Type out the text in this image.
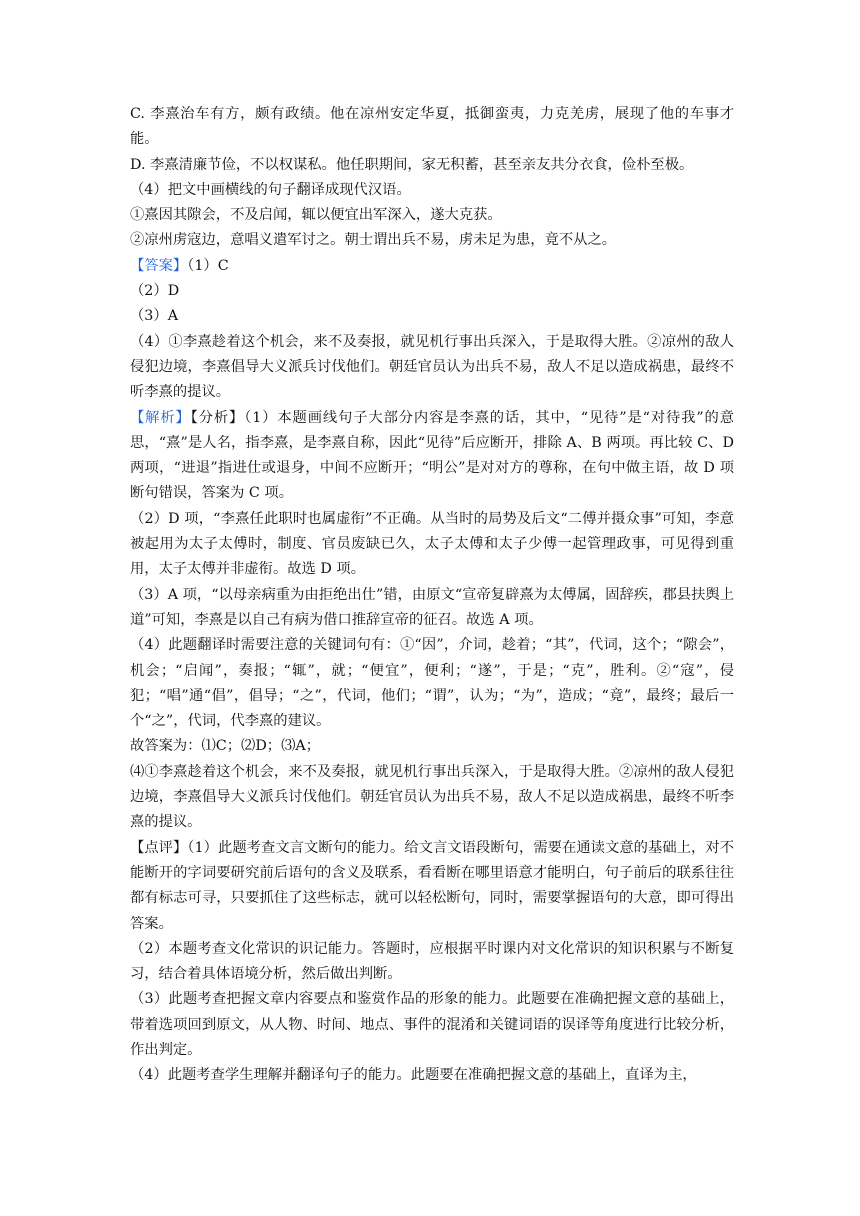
C. 李熹治车有方，颇有政绩。他在凉州安定华夏，抵御蛮夷，力克羌虏，展现了他的车事才能。

D. 李熹清廉节俭，不以权谋私。他任职期间，家无积蓄，甚至亲友共分衣食，俭朴至极。

（4）把文中画横线的句子翻译成现代汉语。

①熹因其隙会，不及启闻，辄以便宜出军深入，遂大克获。

②凉州虏寇边，意唱义遣军讨之。朝士谓出兵不易，虏未足为患，竟不从之。

【答案】（1）C

（2）D

（3）A

（4）①李熹趁着这个机会，来不及奏报，就见机行事出兵深入，于是取得大胜。②凉州的敌人侵犯边境，李熹倡导大义派兵讨伐他们。朝廷官员认为出兵不易，敌人不足以造成祸患，最终不听李熹的提议。

【解析】【分析】（1）本题画线句子大部分内容是李熹的话，其中，“见待”是“对待我”的意思，“熹”是人名，指李熹，是李熹自称，因此“见待”后应断开，排除 A、B 两项。再比较 C、D 两项，“进退”指进仕或退身，中间不应断开；“明公”是对对方的尊称，在句中做主语，故 D 项断句错误，答案为 C 项。

（2）D 项，“李熹任此职时也属虚衔”不正确。从当时的局势及后文“二傅并摄众事”可知，李意被起用为太子太傅时，制度、官员废缺已久，太子太傅和太子少傅一起管理政事，可见得到重用，太子太傅并非虚衔。故选 D 项。

（3）A 项，“以母亲病重为由拒绝出仕”错，由原文“宣帝复辟熹为太傅属，固辞疾，郡县扶舆上道”可知，李熹是以自己有病为借口推辞宣帝的征召。故选 A 项。

（4）此题翻译时需要注意的关键词句有：①“因”，介词，趁着；“其”，代词，这个；“隙会”，机会；“启闻”，奏报；“辄”，就；“便宜”，便利；“遂”，于是；“克”，胜利。②“寇”，侵犯；“唱”通“倡”，倡导；“之”，代词，他们；“谓”，认为；“为”，造成；“竟”，最终；最后一个“之”，代词，代李熹的建议。

故答案为：⑴C；⑵D；⑶A；

⑷①李熹趁着这个机会，来不及奏报，就见机行事出兵深入，于是取得大胜。②凉州的敌人侵犯边境，李熹倡导大义派兵讨伐他们。朝廷官员认为出兵不易，敌人不足以造成祸患，最终不听李熹的提议。

【点评】（1）此题考查文言文断句的能力。给文言文语段断句，需要在通读文意的基础上，对不能断开的字词要研究前后语句的含义及联系，看看断在哪里语意才能明白，句子前后的联系往往都有标志可寻，只要抓住了这些标志，就可以轻松断句，同时，需要掌握语句的大意，即可得出答案。

（2）本题考查文化常识的识记能力。答题时，应根据平时课内对文化常识的知识积累与不断复习，结合着具体语境分析，然后做出判断。

（3）此题考查把握文章内容要点和鉴赏作品的形象的能力。此题要在准确把握文意的基础上，带着选项回到原文，从人物、时间、地点、事件的混淆和关键词语的误译等角度进行比较分析，作出判定。

（4）此题考查学生理解并翻译句子的能力。此题要在准确把握文意的基础上，直译为主，
